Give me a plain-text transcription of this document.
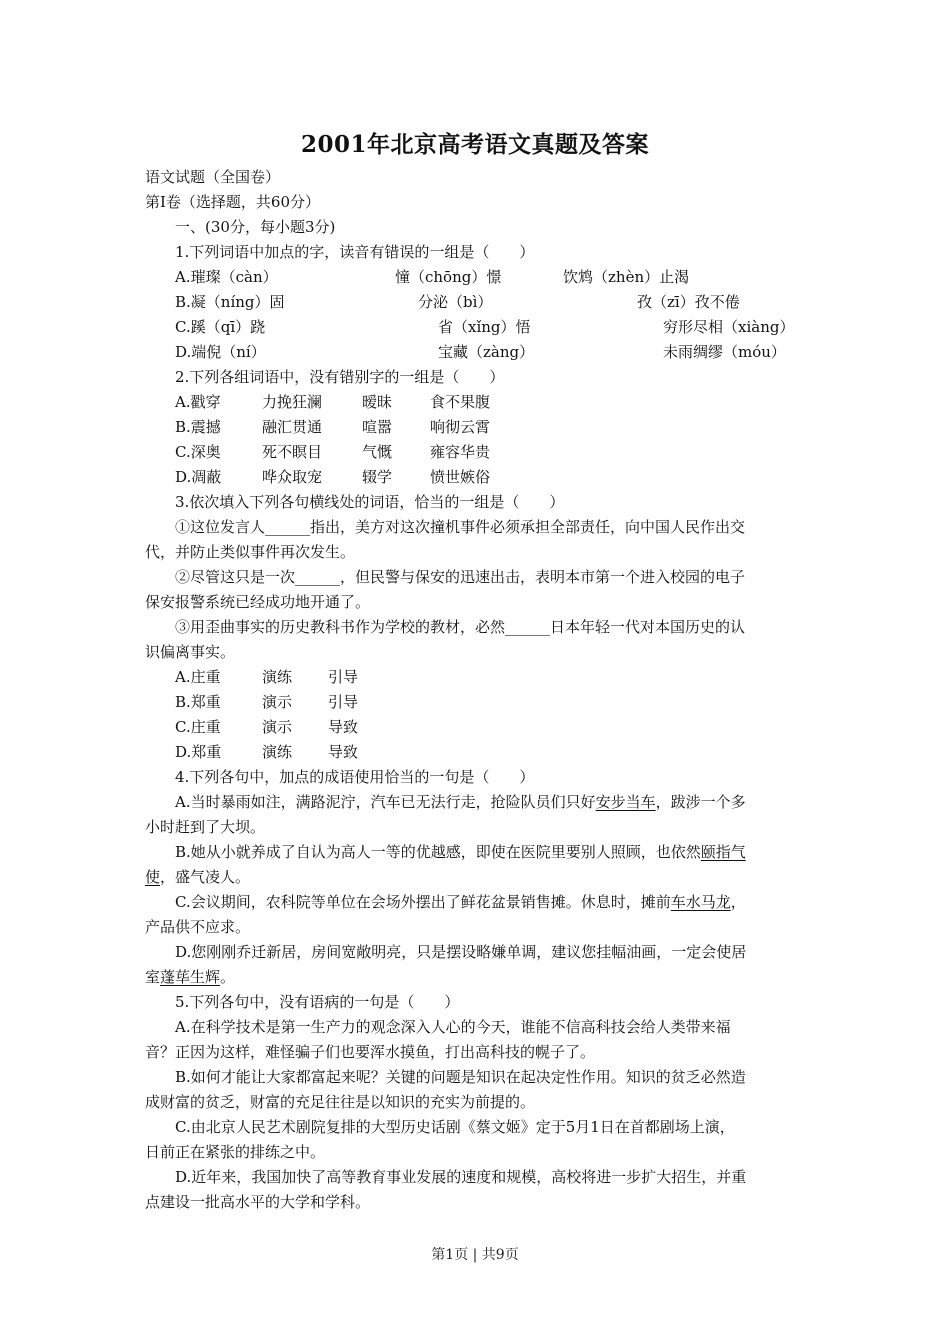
2001年北京高考语文真题及答案
语文试题（全国卷）
第I卷（选择题，共60分）
一、(30分，每小题3分)
1.下列词语中加点的字，读音有错误的一组是（　　）
A.璀璨（càn）	憧（chōng）憬	饮鸩（zhèn）止渴
B.凝（níng）固	分泌（bì）	孜（zī）孜不倦
C.蹊（qī）跷	省（xǐng）悟	穷形尽相（xiàng）
D.端倪（ní）	宝藏（zàng）	未雨绸缪（móu）
2.下列各组词语中，没有错别字的一组是（　　）
A.戳穿	力挽狂澜	暧昧	食不果腹
B.震撼	融汇贯通	喧嚣	响彻云霄
C.深奥	死不瞑目	气慨	雍容华贵
D.凋蔽	哗众取宠	辍学	愤世嫉俗
3.依次填入下列各句横线处的词语，恰当的一组是（　　）
①这位发言人______指出，美方对这次撞机事件必须承担全部责任，向中国人民作出交
代，并防止类似事件再次发生。
②尽管这只是一次______，但民警与保安的迅速出击，表明本市第一个进入校园的电子
保安报警系统已经成功地开通了。
③用歪曲事实的历史教科书作为学校的教材，必然______日本年轻一代对本国历史的认
识偏离事实。
A.庄重	演练 引导
B.郑重	演示 引导
C.庄重	演示 导致
D.郑重	演练 导致
4.下列各句中，加点的成语使用恰当的一句是（　　）
A.当时暴雨如注，满路泥泞，汽车已无法行走，抢险队员们只好安步当车，跋涉一个多
小时赶到了大坝。
B.她从小就养成了自认为高人一等的优越感，即使在医院里要别人照顾，也依然颐指气
使，盛气凌人。
C.会议期间，农科院等单位在会场外摆出了鲜花盆景销售摊。休息时，摊前车水马龙，
产品供不应求。
D.您刚刚乔迁新居，房间宽敞明亮，只是摆设略嫌单调，建议您挂幅油画，一定会使居
室蓬荜生辉。
5.下列各句中，没有语病的一句是（　　）
A.在科学技术是第一生产力的观念深入人心的今天，谁能不信高科技会给人类带来福
音？正因为这样，难怪骗子们也要浑水摸鱼，打出高科技的幌子了。
B.如何才能让大家都富起来呢？关键的问题是知识在起决定性作用。知识的贫乏必然造
成财富的贫乏，财富的充足往往是以知识的充实为前提的。
C.由北京人民艺术剧院复排的大型历史话剧《蔡文姬》定于5月1日在首都剧场上演，
日前正在紧张的排练之中。
D.近年来，我国加快了高等教育事业发展的速度和规模，高校将进一步扩大招生，并重
点建设一批高水平的大学和学科。
第1页 | 共9页
